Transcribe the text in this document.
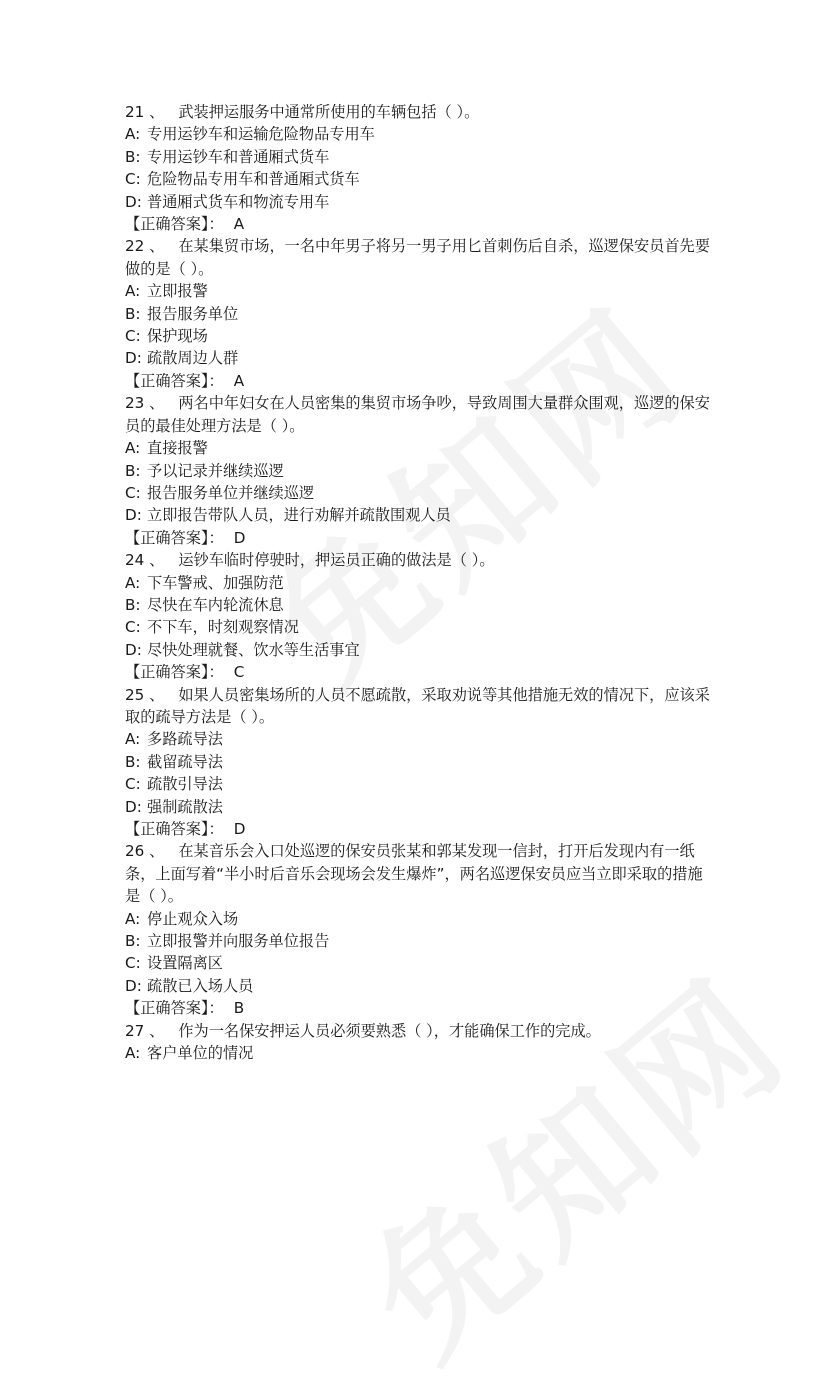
21 、 武装押运服务中通常所使用的车辆包括（ ）。

A: 专用运钞车和运输危险物品专用车

B: 专用运钞车和普通厢式货车

C: 危险物品专用车和普通厢式货车

D: 普通厢式货车和物流专用车

【正确答案】： A

22 、 在某集贸市场，一名中年男子将另一男子用匕首刺伤后自杀，巡逻保安员首先要做的是（ ）。

A: 立即报警

B: 报告服务单位

C: 保护现场

D: 疏散周边人群

【正确答案】： A

23 、 两名中年妇女在人员密集的集贸市场争吵，导致周围大量群众围观，巡逻的保安员的最佳处理方法是（ ）。

A: 直接报警

B: 予以记录并继续巡逻

C: 报告服务单位并继续巡逻

D: 立即报告带队人员，进行劝解并疏散围观人员

【正确答案】： D

24 、 运钞车临时停驶时，押运员正确的做法是（ ）。

A: 下车警戒、加强防范

B: 尽快在车内轮流休息

C: 不下车，时刻观察情况

D: 尽快处理就餐、饮水等生活事宜

【正确答案】： C

25 、 如果人员密集场所的人员不愿疏散，采取劝说等其他措施无效的情况下，应该采取的疏导方法是（ ）。

A: 多路疏导法

B: 截留疏导法

C: 疏散引导法

D: 强制疏散法

【正确答案】： D

26 、 在某音乐会入口处巡逻的保安员张某和郭某发现一信封，打开后发现内有一纸条，上面写着“半小时后音乐会现场会发生爆炸”，两名巡逻保安员应当立即采取的措施是（ ）。

A: 停止观众入场

B: 立即报警并向服务单位报告

C: 设置隔离区

D: 疏散已入场人员

【正确答案】： B

27 、 作为一名保安押运人员必须要熟悉（ ），才能确保工作的完成。

A: 客户单位的情况
